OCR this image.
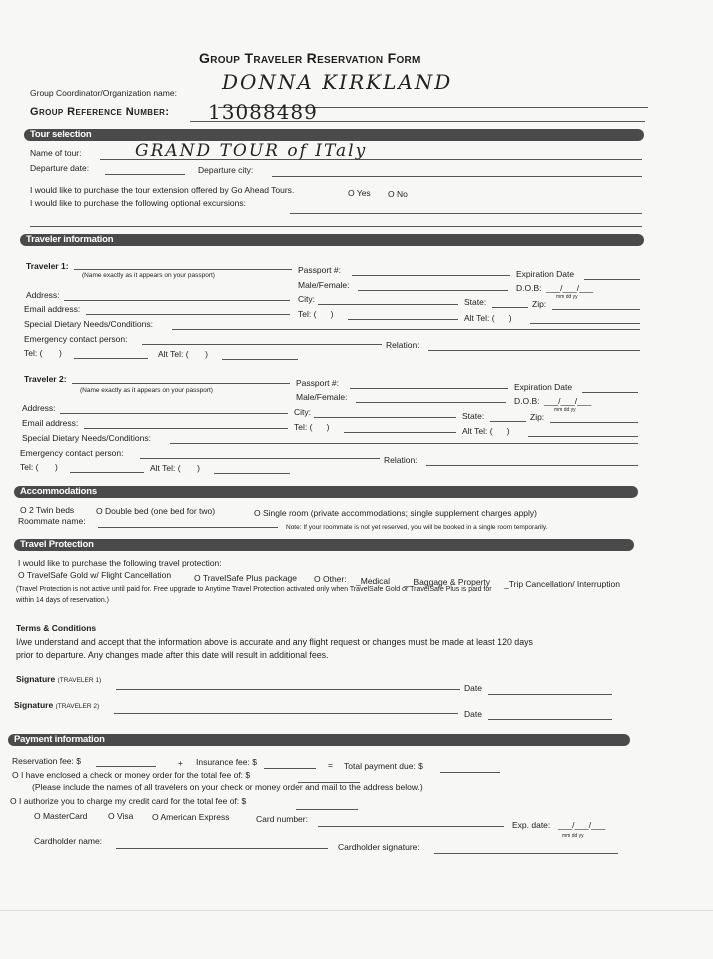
Group Traveler Reservation Form
Group Coordinator/Organization name: DONNA KIRKLAND
Group Reference Number: 13088489
Tour selection
Name of tour:	GRAND TOUR of ITaly
Departure date:	Departure city:
I would like to purchase the tour extension offered by Go Ahead Tours.	O Yes O No
I would like to purchase the following optional excursions:
Traveler information
Traveler 1:
(Name exactly as it appears on your passport)
Passport #:	Expiration Date
Male/Female:	D.O.B: ___/___/___
mm dd yy
Address:	City:	State:	Zip:
Email address:	Tel: (      )	Alt Tel: (      )
Special Dietary Needs/Conditions:
Emergency contact person:
Relation:
Tel: (       )	Alt Tel: (       )
Traveler 2:
(Name exactly as it appears on your passport)
Passport #:	Expiration Date
Male/Female:	D.O.B: ___/___/___
mm dd yy
Address:	City:	State:	Zip:
Email address:	Tel: (      )	Alt Tel: (      )
Special Dietary Needs/Conditions:
Emergency contact person:
Relation:
Tel: (       )	Alt Tel: (       )
Accommodations
O 2 Twin beds	O Double bed (one bed for two)	O Single room (private accommodations; single supplement charges apply)
Roommate name:
Note: If your roommate is not yet reserved, you will be booked in a single room temporarily.
Travel Protection
I would like to purchase the following travel protection:
O TravelSafe Gold w/ Flight Cancellation	O TravelSafe Plus package O Other: _Medical __Baggage & Property _Trip Cancellation/ Interruption
(Travel Protection is not active until paid for. Free upgrade to Anytime Travel Protection activated only when TravelSafe Gold or TravelSafe Plus is paid for
within 14 days of reservation.)
Terms & Conditions
I/we understand and accept that the information above is accurate and any flight request or changes must be made at least 120 days
prior to departure. Any changes made after this date will result in additional fees.
Signature (TRAVELER 1)
Date
Signature (TRAVELER 2)
Date
Payment information
Reservation fee: $	+ Insurance fee: $	= Total payment due: $
O I have enclosed a check or money order for the total fee of: $
(Please include the names of all travelers on your check or money order and mail to the address below.)
O I authorize you to charge my credit card for the total fee of: $
O MasterCard O Visa O American Express	Card number:
Exp. date: ___/___/___
mm dd yy
Cardholder name:
Cardholder signature:
